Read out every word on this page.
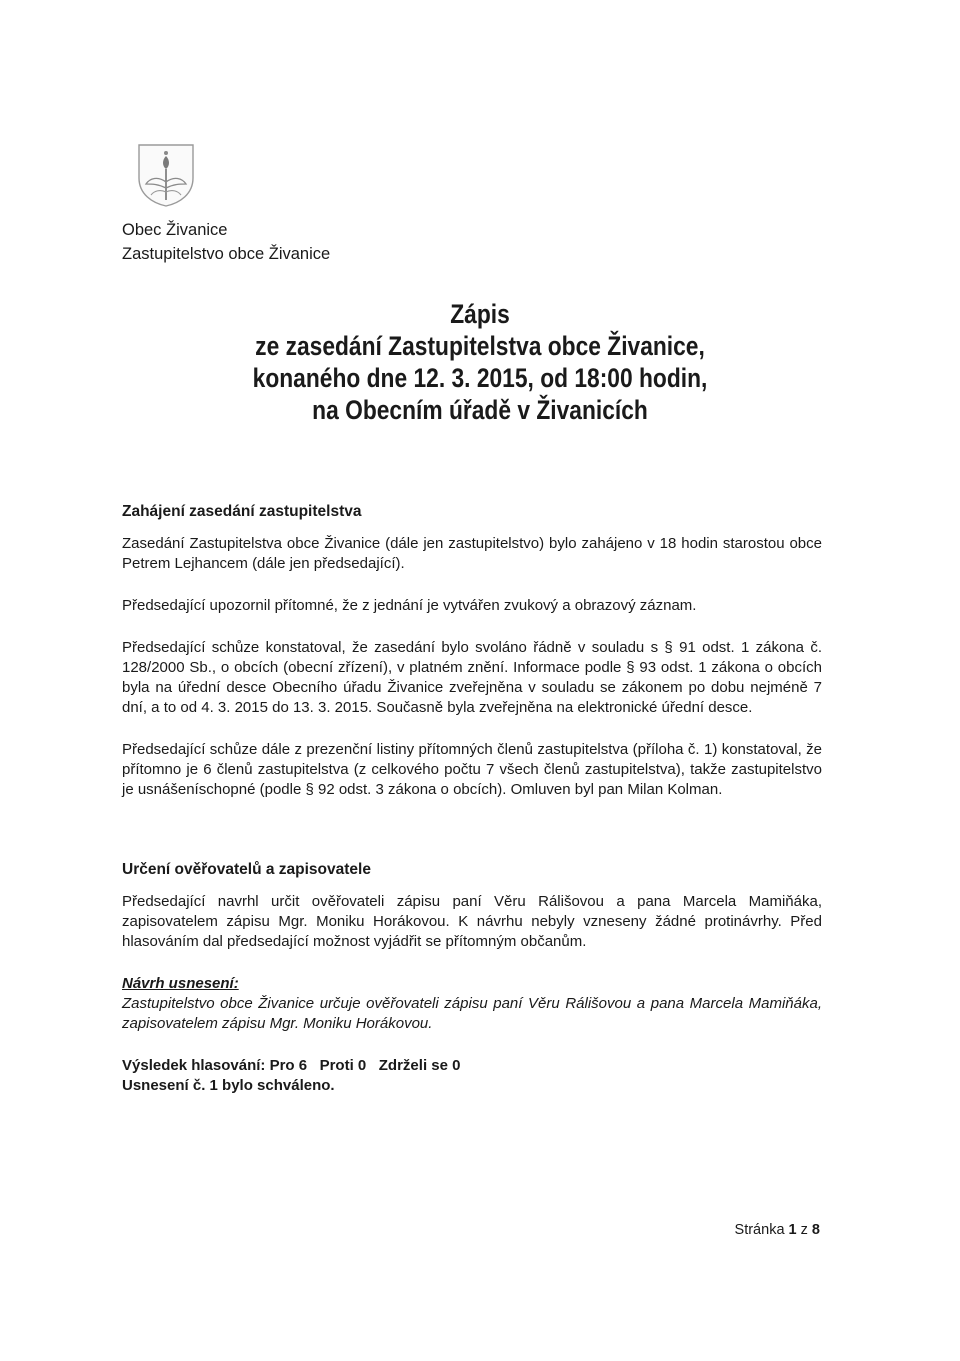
Obec Živanice
Zastupitelstvo obce Živanice
Zápis
ze zasedání Zastupitelstva obce Živanice,
konaného dne 12. 3. 2015, od 18:00 hodin,
na Obecním úřadě v Živanicích
Zahájení zasedání zastupitelstva

Zasedání Zastupitelstva obce Živanice (dále jen zastupitelstvo) bylo zahájeno v 18 hodin starostou obce Petrem Lejhancem (dále jen předsedající).

Předsedající upozornil přítomné, že z jednání je vytvářen zvukový a obrazový záznam.

Předsedající schůze konstatoval, že zasedání bylo svoláno řádně v souladu s § 91 odst. 1 zákona č. 128/2000 Sb., o obcích (obecní zřízení), v platném znění. Informace podle § 93 odst. 1 zákona o obcích byla na úřední desce Obecního úřadu Živanice zveřejněna v souladu se zákonem po dobu nejméně 7 dní, a to od 4. 3. 2015 do 13. 3. 2015. Současně byla zveřejněna na elektronické úřední desce.

Předsedající schůze dále z prezenční listiny přítomných členů zastupitelstva (příloha č. 1) konstatoval, že přítomno je 6 členů zastupitelstva (z celkového počtu 7 všech členů zastupitelstva), takže zastupitelstvo je usnášeníschopné (podle § 92 odst. 3 zákona o obcích). Omluven byl pan Milan Kolman.

Určení ověřovatelů a zapisovatele

Předsedající navrhl určit ověřovateli zápisu paní Věru Rálišovou a pana Marcela Mamiňáka, zapisovatelem zápisu Mgr. Moniku Horákovou. K návrhu nebyly vzneseny žádné protinávrhy. Před hlasováním dal předsedající možnost vyjádřit se přítomným občanům.

Návrh usnesení:

Zastupitelstvo obce Živanice určuje ověřovateli zápisu paní Věru Rálišovou a pana Marcela Mamiňáka, zapisovatelem zápisu Mgr. Moniku Horákovou.

Výsledek hlasování: Pro 6   Proti 0   Zdrželi se 0
Usnesení č. 1 bylo schváleno.
Stránka 1 z 8
